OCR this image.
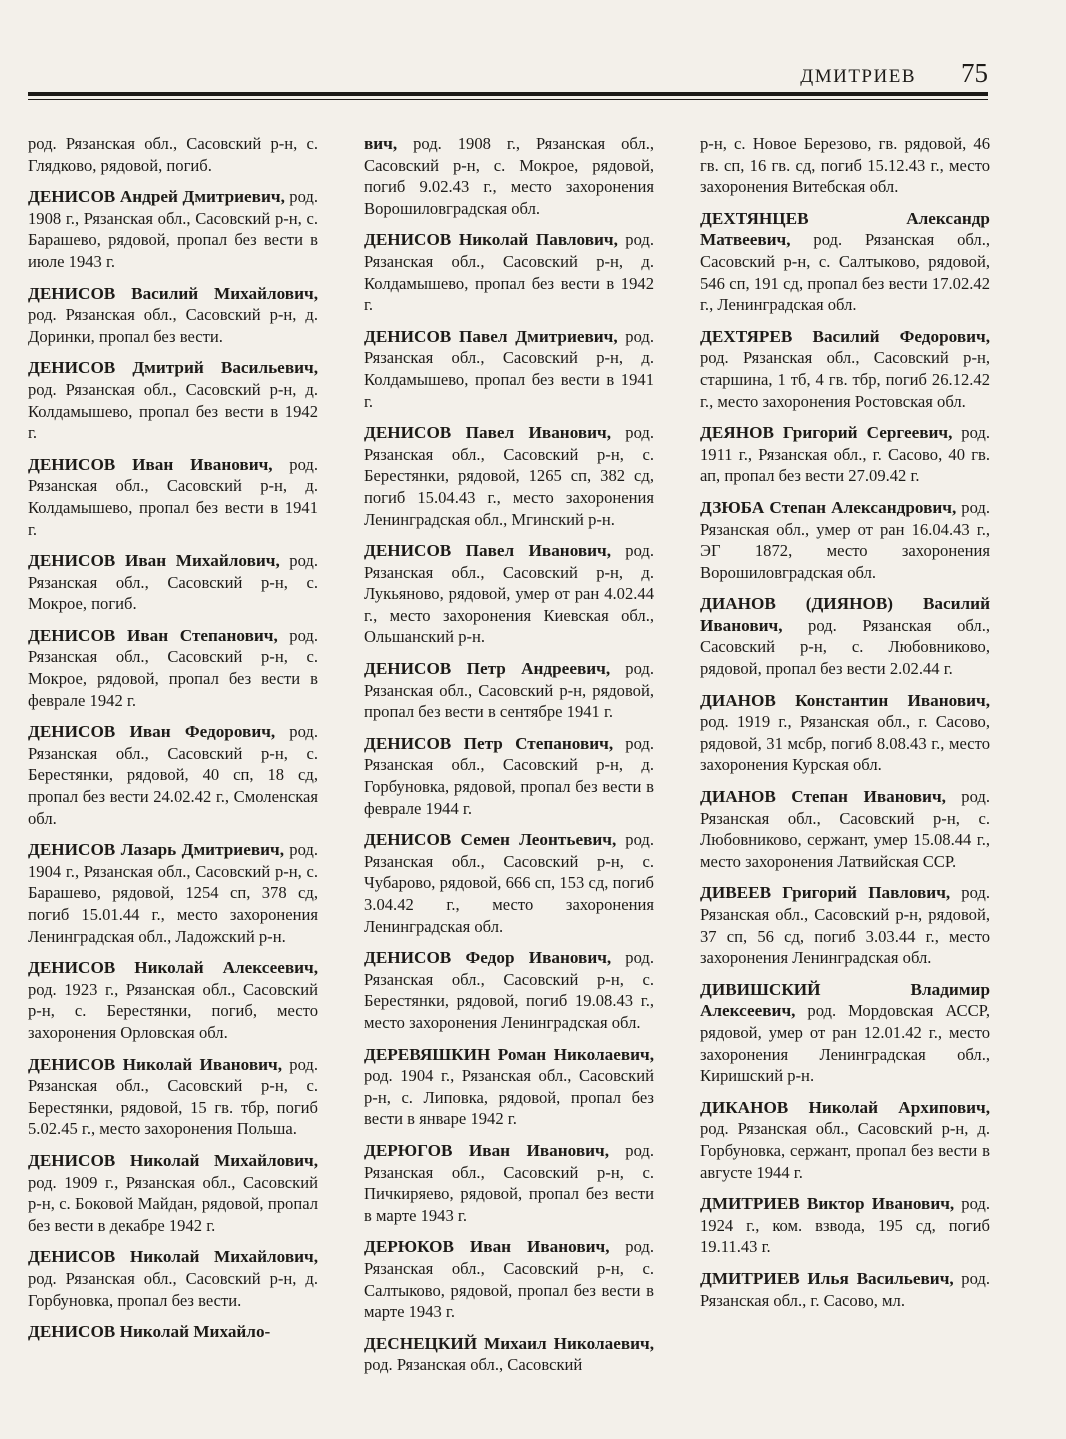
ДМИТРИЕВ 75

род. Рязанская обл., Сасовский р-н, с. Глядково, рядовой, погиб.

ДЕНИСОВ Андрей Дмитриевич, род. 1908 г., Рязанская обл., Сасовский р-н, с. Барашево, рядовой, пропал без вести в июле 1943 г.

ДЕНИСОВ Василий Михайлович, род. Рязанская обл., Сасовский р-н, д. Доринки, пропал без вести.

ДЕНИСОВ Дмитрий Васильевич, род. Рязанская обл., Сасовский р-н, д. Колдамышево, пропал без вести в 1942 г.

ДЕНИСОВ Иван Иванович, род. Рязанская обл., Сасовский р-н, д. Колдамышево, пропал без вести в 1941 г.

ДЕНИСОВ Иван Михайлович, род. Рязанская обл., Сасовский р-н, с. Мокрое, погиб.

ДЕНИСОВ Иван Степанович, род. Рязанская обл., Сасовский р-н, с. Мокрое, рядовой, пропал без вести в феврале 1942 г.

ДЕНИСОВ Иван Федорович, род. Рязанская обл., Сасовский р-н, с. Берестянки, рядовой, 40 сп, 18 сд, пропал без вести 24.02.42 г., Смоленская обл.

ДЕНИСОВ Лазарь Дмитриевич, род. 1904 г., Рязанская обл., Сасовский р-н, с. Барашево, рядовой, 1254 сп, 378 сд, погиб 15.01.44 г., место захоронения Ленинградская обл., Ладожский р-н.

ДЕНИСОВ Николай Алексеевич, род. 1923 г., Рязанская обл., Сасовский р-н, с. Берестянки, погиб, место захоронения Орловская обл.

ДЕНИСОВ Николай Иванович, род. Рязанская обл., Сасовский р-н, с. Берестянки, рядовой, 15 гв. тбр, погиб 5.02.45 г., место захоронения Польша.

ДЕНИСОВ Николай Михайлович, род. 1909 г., Рязанская обл., Сасовский р-н, с. Боковой Майдан, рядовой, пропал без вести в декабре 1942 г.

ДЕНИСОВ Николай Михайлович, род. Рязанская обл., Сасовский р-н, д. Горбуновка, пропал без вести.

ДЕНИСОВ Николай Михайло-

вич, род. 1908 г., Рязанская обл., Сасовский р-н, с. Мокрое, рядовой, погиб 9.02.43 г., место захоронения Ворошиловградская обл.

ДЕНИСОВ Николай Павлович, род. Рязанская обл., Сасовский р-н, д. Колдамышево, пропал без вести в 1942 г.

ДЕНИСОВ Павел Дмитриевич, род. Рязанская обл., Сасовский р-н, д. Колдамышево, пропал без вести в 1941 г.

ДЕНИСОВ Павел Иванович, род. Рязанская обл., Сасовский р-н, с. Берестянки, рядовой, 1265 сп, 382 сд, погиб 15.04.43 г., место захоронения Ленинградская обл., Мгинский р-н.

ДЕНИСОВ Павел Иванович, род. Рязанская обл., Сасовский р-н, д. Лукьяново, рядовой, умер от ран 4.02.44 г., место захоронения Киевская обл., Ольшанский р-н.

ДЕНИСОВ Петр Андреевич, род. Рязанская обл., Сасовский р-н, рядовой, пропал без вести в сентябре 1941 г.

ДЕНИСОВ Петр Степанович, род. Рязанская обл., Сасовский р-н, д. Горбуновка, рядовой, пропал без вести в феврале 1944 г.

ДЕНИСОВ Семен Леонтьевич, род. Рязанская обл., Сасовский р-н, с. Чубарово, рядовой, 666 сп, 153 сд, погиб 3.04.42 г., место захоронения Ленинградская обл.

ДЕНИСОВ Федор Иванович, род. Рязанская обл., Сасовский р-н, с. Берестянки, рядовой, погиб 19.08.43 г., место захоронения Ленинградская обл.

ДЕРЕВЯШКИН Роман Николаевич, род. 1904 г., Рязанская обл., Сасовский р-н, с. Липовка, рядовой, пропал без вести в январе 1942 г.

ДЕРЮГОВ Иван Иванович, род. Рязанская обл., Сасовский р-н, с. Пичкиряево, рядовой, пропал без вести в марте 1943 г.

ДЕРЮКОВ Иван Иванович, род. Рязанская обл., Сасовский р-н, с. Салтыково, рядовой, пропал без вести в марте 1943 г.

ДЕСНЕЦКИЙ Михаил Николаевич, род. Рязанская обл., Сасовский

р-н, с. Новое Березово, гв. рядовой, 46 гв. сп, 16 гв. сд, погиб 15.12.43 г., место захоронения Витебская обл.

ДЕХТЯНЦЕВ Александр Матвеевич, род. Рязанская обл., Сасовский р-н, с. Салтыково, рядовой, 546 сп, 191 сд, пропал без вести 17.02.42 г., Ленинградская обл.

ДЕХТЯРЕВ Василий Федорович, род. Рязанская обл., Сасовский р-н, старшина, 1 тб, 4 гв. тбр, погиб 26.12.42 г., место захоронения Ростовская обл.

ДЕЯНОВ Григорий Сергеевич, род. 1911 г., Рязанская обл., г. Сасово, 40 гв. ап, пропал без вести 27.09.42 г.

ДЗЮБА Степан Александрович, род. Рязанская обл., умер от ран 16.04.43 г., ЭГ 1872, место захоронения Ворошиловградская обл.

ДИАНОВ (ДИЯНОВ) Василий Иванович, род. Рязанская обл., Сасовский р-н, с. Любовниково, рядовой, пропал без вести 2.02.44 г.

ДИАНОВ Константин Иванович, род. 1919 г., Рязанская обл., г. Сасово, рядовой, 31 мсбр, погиб 8.08.43 г., место захоронения Курская обл.

ДИАНОВ Степан Иванович, род. Рязанская обл., Сасовский р-н, с. Любовниково, сержант, умер 15.08.44 г., место захоронения Латвийская ССР.

ДИВЕЕВ Григорий Павлович, род. Рязанская обл., Сасовский р-н, рядовой, 37 сп, 56 сд, погиб 3.03.44 г., место захоронения Ленинградская обл.

ДИВИШСКИЙ Владимир Алексеевич, род. Мордовская АССР, рядовой, умер от ран 12.01.42 г., место захоронения Ленинградская обл., Киришский р-н.

ДИКАНОВ Николай Архипович, род. Рязанская обл., Сасовский р-н, д. Горбуновка, сержант, пропал без вести в августе 1944 г.

ДМИТРИЕВ Виктор Иванович, род. 1924 г., ком. взвода, 195 сд, погиб 19.11.43 г.

ДМИТРИЕВ Илья Васильевич, род. Рязанская обл., г. Сасово, мл.
